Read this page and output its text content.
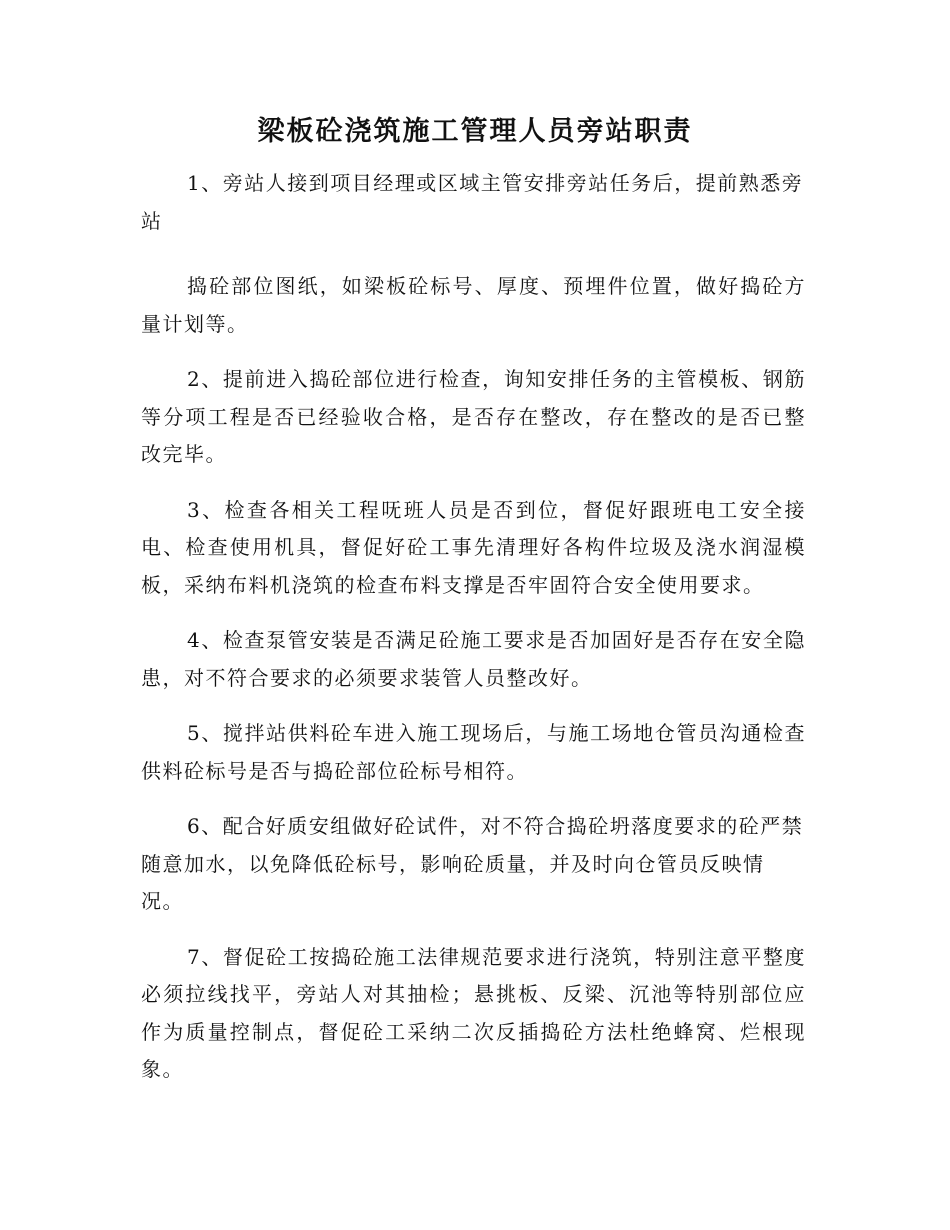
梁板砼浇筑施工管理人员旁站职责

1、旁站人接到项目经理或区域主管安排旁站任务后，提前熟悉旁
站

捣砼部位图纸，如梁板砼标号、厚度、预埋件位置，做好捣砼方量计划等。

2、提前进入捣砼部位进行检查，询知安排任务的主管模板、钢筋等分项工程是否已经验收合格，是否存在整改，存在整改的是否已整改完毕。

3、检查各相关工程呒班人员是否到位，督促好跟班电工安全接电、检查使用机具，督促好砼工事先清理好各构件垃圾及浇水润湿模板，采纳布料机浇筑的检查布料支撑是否牢固符合安全使用要求。

4、检查泵管安装是否满足砼施工要求是否加固好是否存在安全隐患，对不符合要求的必须要求装管人员整改好。

5、搅拌站供料砼车进入施工现场后，与施工场地仓管员沟通检查供料砼标号是否与捣砼部位砼标号相符。

6、配合好质安组做好砼试件，对不符合捣砼坍落度要求的砼严禁
随意加水，以免降低砼标号，影响砼质量，并及时向仓管员反映情
况。

7、督促砼工按捣砼施工法律规范要求进行浇筑，特别注意平整度必须拉线找平，旁站人对其抽检；悬挑板、反梁、沉池等特别部位应作为质量控制点，督促砼工采纳二次反插捣砼方法杜绝蜂窝、烂根现象。
